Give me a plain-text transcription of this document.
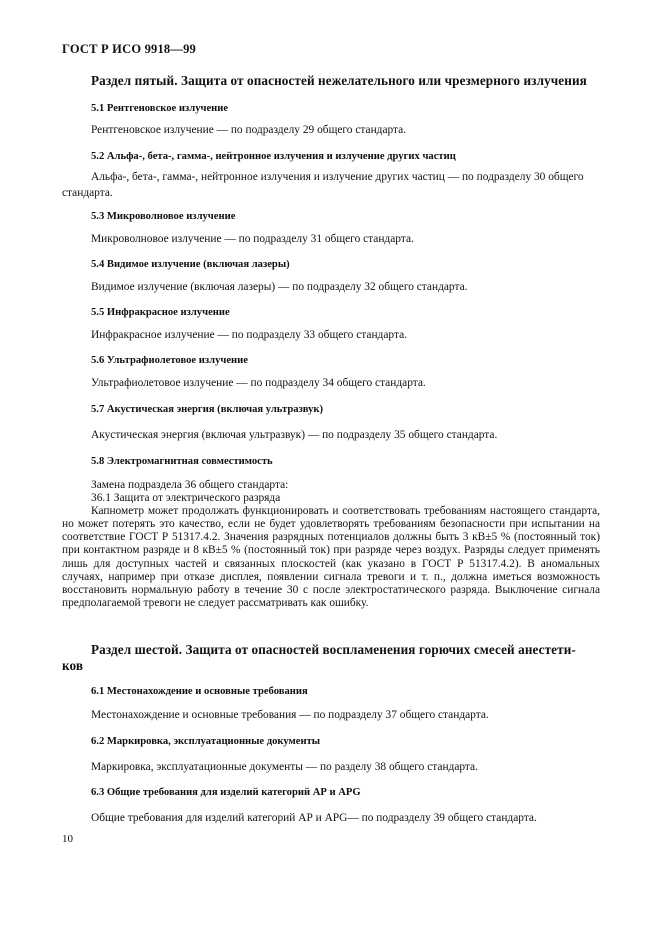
ГОСТ Р ИСО 9918—99
Раздел пятый. Защита от опасностей нежелательного или чрезмерного излучения
5.1 Рентгеновское излучение
Рентгеновское излучение — по подразделу 29 общего стандарта.
5.2 Альфа-, бета-, гамма-, нейтронное излучения и излучение других частиц

Альфа-, бета-, гамма-, нейтронное излучения и излучение других частиц — по подразделу 30 общего стандарта.

5.3 Микроволновое излучение
Микроволновое излучение — по подразделу 31 общего стандарта.
5.4 Видимое излучение (включая лазеры)
Видимое излучение (включая лазеры) — по подразделу 32 общего стандарта.
5.5 Инфракрасное излучение
Инфракрасное излучение — по подразделу 33 общего стандарта.
5.6 Ультрафиолетовое излучение
Ультрафиолетовое излучение — по подразделу 34 общего стандарта.
5.7 Акустическая энергия (включая ультразвук)
Акустическая энергия (включая ультразвук) — по подразделу 35 общего стандарта.
5.8 Электромагнитная совместимость
Замена подраздела 36 общего стандарта:
36.1 Защита от электрического разряда
Капнометр может продолжать функционировать и соответствовать требованиям настоящего стандарта, но может потерять это качество, если не будет удовлетворять требованиям безопасности при испытании на соответствие ГОСТ Р 51317.4.2. Значения разрядных потенциалов должны быть 3 кВ±5 % (постоянный ток) при контактном разряде и 8 кВ±5 % (постоянный ток) при разряде через воздух. Разряды следует применять лишь для доступных частей и связанных плоскостей (как указано в ГОСТ Р 51317.4.2). В аномальных случаях, например при отказе дисплея, появлении сигнала тревоги и т. п., должна иметься возможность восстановить нормальную работу в течение 30 с после электростатического разряда. Выключение сигнала предполагаемой тревоги не следует рассматривать как ошибку.
Раздел шестой. Защита от опасностей воспламенения горючих смесей анестети-
ков
6.1 Местонахождение и основные требования
Местонахождение и основные требования — по подразделу 37 общего стандарта.
6.2 Маркировка, эксплуатационные документы
Маркировка, эксплуатационные документы — по разделу 38 общего стандарта.
6.3 Общие требования для изделий категорий АР и АРG
Общие требования для изделий категорий АР и АРG— по подразделу 39 общего стандарта.
10
